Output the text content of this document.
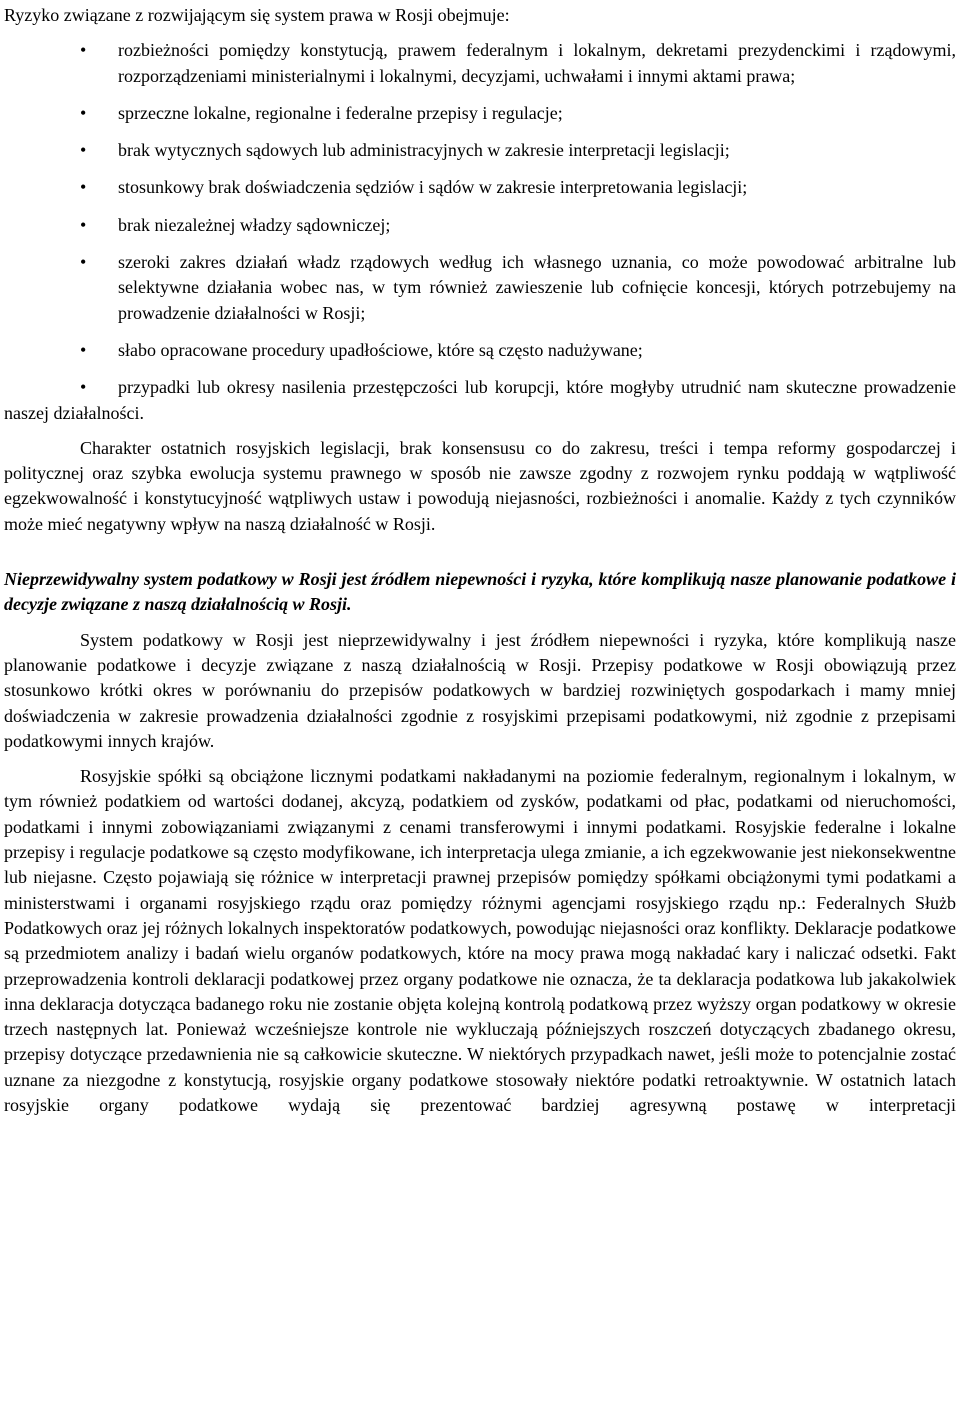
Ryzyko związane z rozwijającym się system prawa w Rosji obejmuje:

• rozbieżności pomiędzy konstytucją, prawem federalnym i lokalnym, dekretami prezydenckimi i rządowymi, rozporządzeniami ministerialnymi i lokalnymi, decyzjami, uchwałami i innymi aktami prawa;
• sprzeczne lokalne, regionalne i federalne przepisy i regulacje;
• brak wytycznych sądowych lub administracyjnych w zakresie interpretacji legislacji;
• stosunkowy brak doświadczenia sędziów i sądów w zakresie interpretowania legislacji;
• brak niezależnej władzy sądowniczej;
• szeroki zakres działań władz rządowych według ich własnego uznania, co może powodować arbitralne lub selektywne działania wobec nas, w tym również zawieszenie lub cofnięcie koncesji, których potrzebujemy na prowadzenie działalności w Rosji;
• słabo opracowane procedury upadłościowe, które są często nadużywane;
• przypadki lub okresy nasilenia przestępczości lub korupcji, które mogłyby utrudnić nam skuteczne prowadzenie naszej działalności.

Charakter ostatnich rosyjskich legislacji, brak konsensusu co do zakresu, treści i tempa reformy gospodarczej i politycznej oraz szybka ewolucja systemu prawnego w sposób nie zawsze zgodny z rozwojem rynku poddają w wątpliwość egzekwowalność i konstytucyjność wątpliwych ustaw i powodują niejasności, rozbieżności i anomalie. Każdy z tych czynników może mieć negatywny wpływ na naszą działalność w Rosji.

Nieprzewidywalny system podatkowy w Rosji jest źródłem niepewności i ryzyka, które komplikują nasze planowanie podatkowe i decyzje związane z naszą działalnością w Rosji.

System podatkowy w Rosji jest nieprzewidywalny i jest źródłem niepewności i ryzyka, które komplikują nasze planowanie podatkowe i decyzje związane z naszą działalnością w Rosji. Przepisy podatkowe w Rosji obowiązują przez stosunkowo krótki okres w porównaniu do przepisów podatkowych w bardziej rozwiniętych gospodarkach i mamy mniej doświadczenia w zakresie prowadzenia działalności zgodnie z rosyjskimi przepisami podatkowymi, niż zgodnie z przepisami podatkowymi innych krajów.

Rosyjskie spółki są obciążone licznymi podatkami nakładanymi na poziomie federalnym, regionalnym i lokalnym, w tym również podatkiem od wartości dodanej, akcyzą, podatkiem od zysków, podatkami od płac, podatkami od nieruchomości, podatkami i innymi zobowiązaniami związanymi z cenami transferowymi i innymi podatkami. Rosyjskie federalne i lokalne przepisy i regulacje podatkowe są często modyfikowane, ich interpretacja ulega zmianie, a ich egzekwowanie jest niekonsekwentne lub niejasne. Często pojawiają się różnice w interpretacji prawnej przepisów pomiędzy spółkami obciążonymi tymi podatkami a ministerstwami i organami rosyjskiego rządu oraz pomiędzy różnymi agencjami rosyjskiego rządu np.: Federalnych Służb Podatkowych oraz jej różnych lokalnych inspektoratów podatkowych, powodując niejasności oraz konflikty. Deklaracje podatkowe są przedmiotem analizy i badań wielu organów podatkowych, które na mocy prawa mogą nakładać kary i naliczać odsetki. Fakt przeprowadzenia kontroli deklaracji podatkowej przez organy podatkowe nie oznacza, że ta deklaracja podatkowa lub jakakolwiek inna deklaracja dotycząca badanego roku nie zostanie objęta kolejną kontrolą podatkową przez wyższy organ podatkowy w okresie trzech następnych lat. Ponieważ wcześniejsze kontrole nie wykluczają późniejszych roszczeń dotyczących zbadanego okresu, przepisy dotyczące przedawnienia nie są całkowicie skuteczne. W niektórych przypadkach nawet, jeśli może to potencjalnie zostać uznane za niezgodne z konstytucją, rosyjskie organy podatkowe stosowały niektóre podatki retroaktywnie. W ostatnich latach rosyjskie organy podatkowe wydają się prezentować bardziej agresywną postawę w interpretacji
